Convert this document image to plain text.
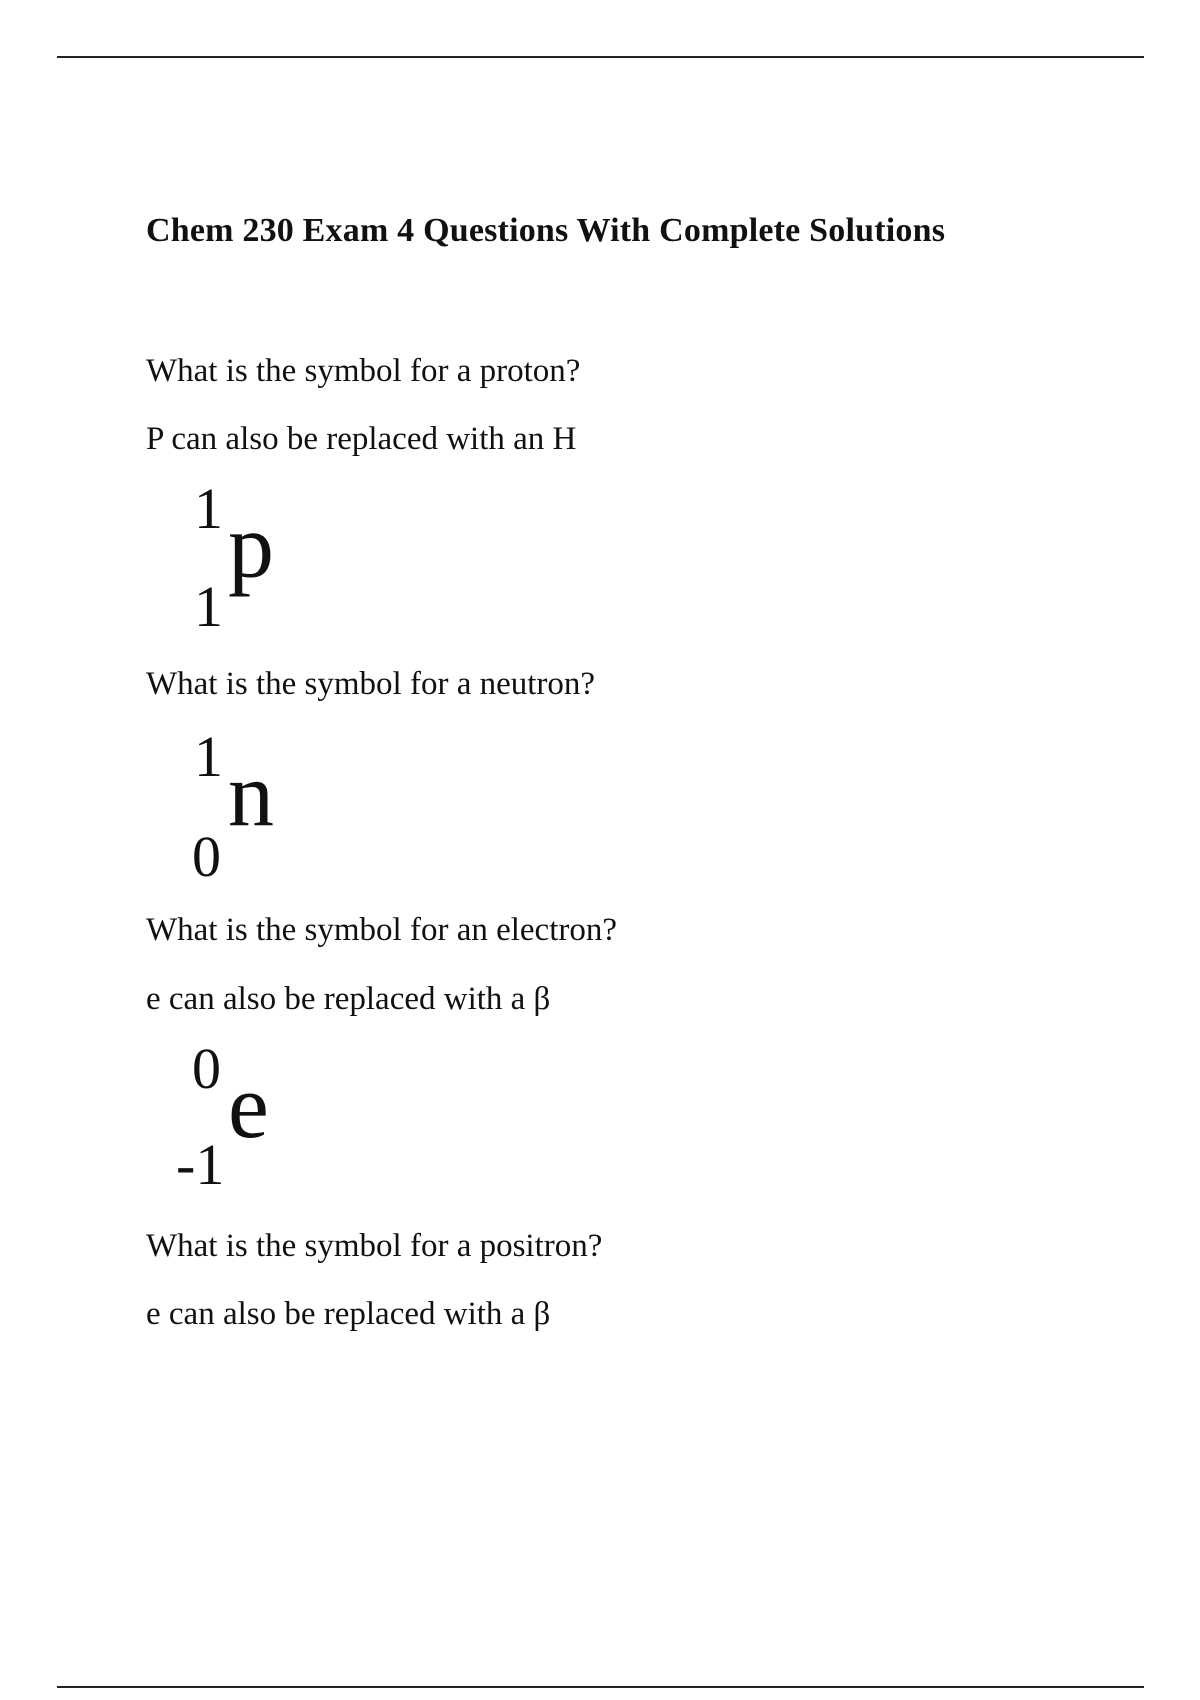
Chem 230 Exam 4 Questions With Complete Solutions
What is the symbol for a proton?
P can also be replaced with an H
1 p
1
What is the symbol for a neutron?
1 n
0
What is the symbol for an electron?
e can also be replaced with a β
0 e
-1
What is the symbol for a positron?
e can also be replaced with a β
